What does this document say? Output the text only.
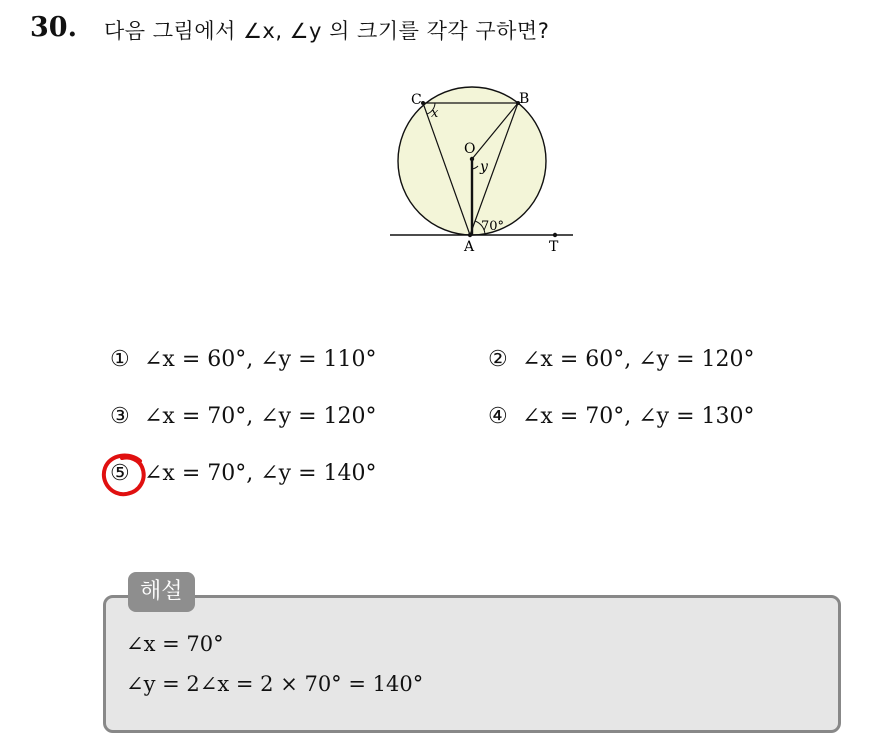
30. 다음 그림에서 ∠x, ∠y 의 크기를 각각 구하면?
C	B
O
A	T
x
y
70°
① ∠x = 60°, ∠y = 110°	② ∠x = 60°, ∠y = 120°
③ ∠x = 70°, ∠y = 120°	④ ∠x = 70°, ∠y = 130°
⑤ ∠x = 70°, ∠y = 140°
해설
∠x = 70°
∠y = 2∠x = 2 × 70° = 140°
